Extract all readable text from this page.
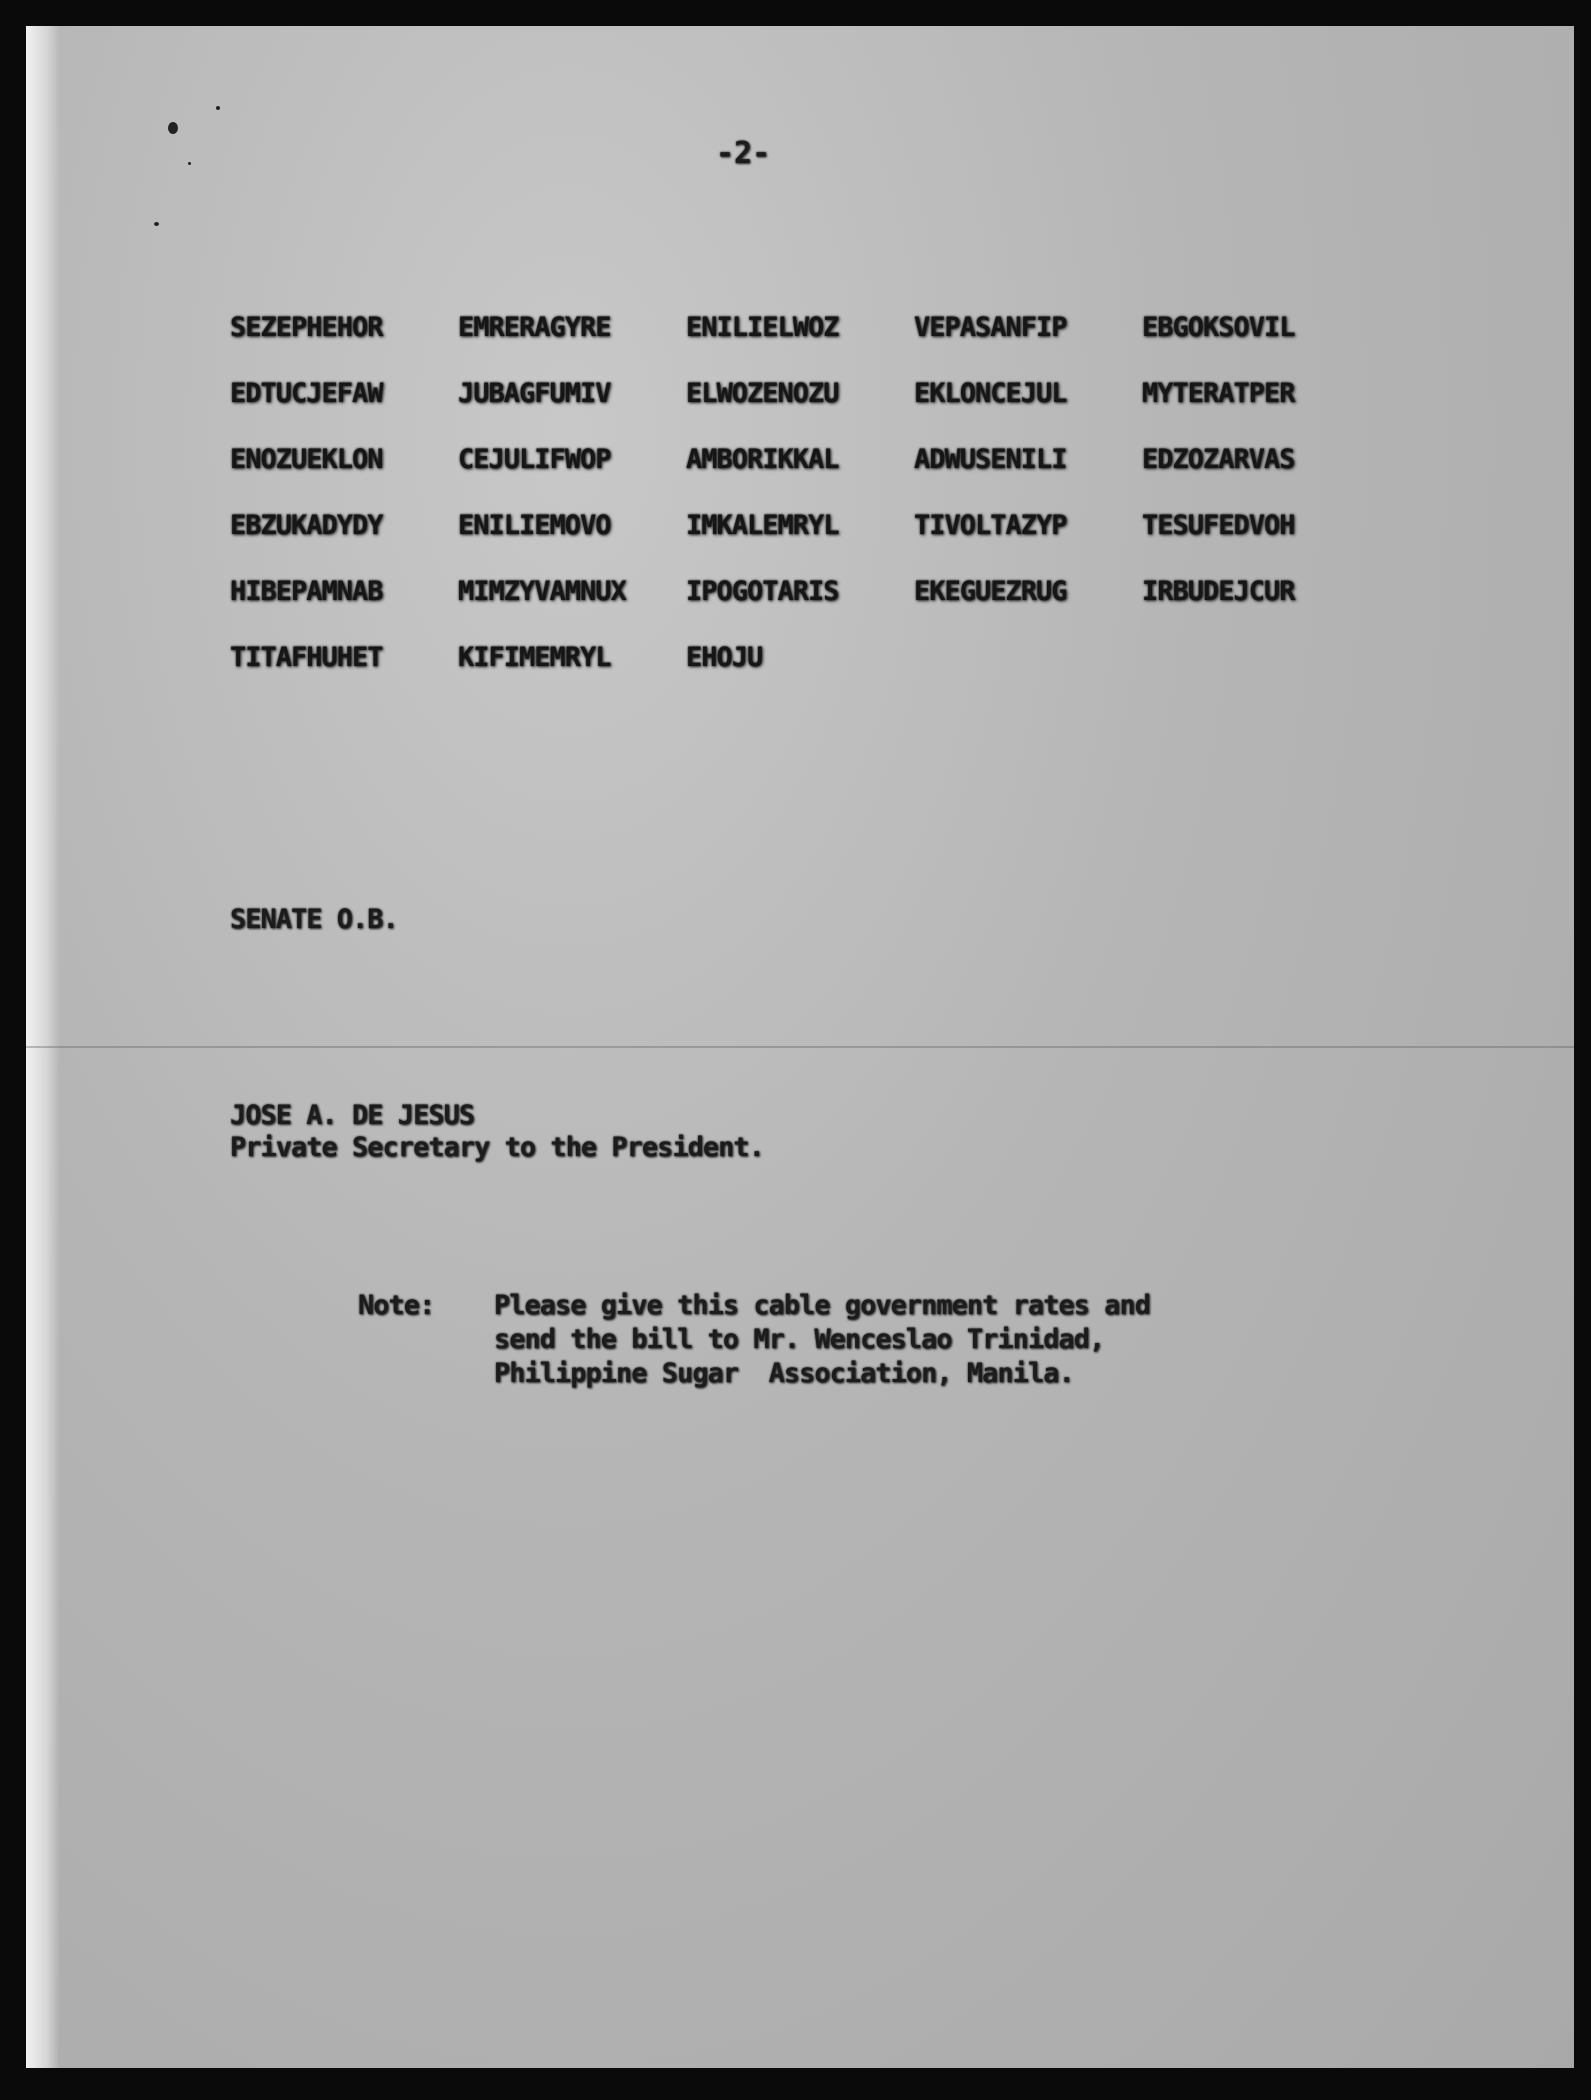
-2-
SEZEPHEHOR	EMRERAGYRE	ENILIELWOZ	VEPASANFIP	EBGOKSOVIL
EDTUCJEFAW	JUBAGFUMIV	ELWOZENOZU	EKLONCEJUL	MYTERATPER
ENOZUEKLON	CEJULIFWOP	AMBORIKKAL	ADWUSENILI	EDZOZARVAS
EBZUKADYDY	ENILIEMOVO	IMKALEMRYL	TIVOLTAZYP	TESUFEDVOH
HIBEPAMNAB	MIMZYVAMNUX	IPOGOTARIS	EKEGUEZRUG	IRBUDEJCUR
TITAFHUHET	KIFIMEMRYL	EHOJU
SENATE O.B.
JOSE A. DE JESUS
Private Secretary to the President.
Note: Please give this cable government rates and
send the bill to Mr. Wenceslao Trinidad,
Philippine Sugar  Association, Manila.
